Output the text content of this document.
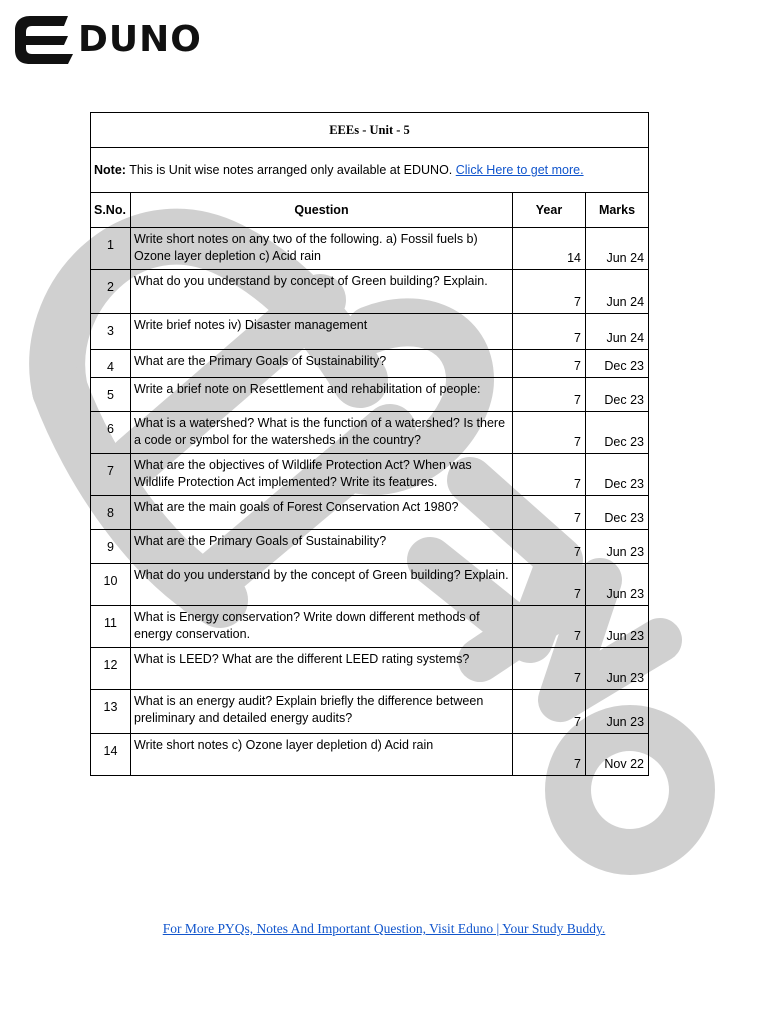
DUNO
EEEs - Unit - 5			
Note: This is Unit wise notes arranged only available at EDUNO. Click Here to get more.			
S.No.	Question	Year	Marks
1	Write short notes on any two of the following. a) Fossil fuels b) Ozone layer depletion c) Acid rain	14	Jun 24
2	What do you understand by concept of Green building? Explain.	7	Jun 24
3	Write brief notes iv) Disaster management	7	Jun 24
4	What are the Primary Goals of Sustainability?	7	Dec 23
5	Write a brief note on Resettlement and rehabilitation of people:	7	Dec 23
6	What is a watershed? What is the function of a watershed? Is there a code or symbol for the watersheds in the country?	7	Dec 23
7	What are the objectives of Wildlife Protection Act? When was Wildlife Protection Act implemented? Write its features.	7	Dec 23
8	What are the main goals of Forest Conservation Act 1980?	7	Dec 23
9	What are the Primary Goals of Sustainability?	7	Jun 23
10	What do you understand by the concept of Green building? Explain.	7	Jun 23
11	What is Energy conservation? Write down different methods of energy conservation.	7	Jun 23
12	What is LEED? What are the different LEED rating systems?	7	Jun 23
13	What is an energy audit? Explain briefly the difference between preliminary and detailed energy audits?	7	Jun 23
14	Write short notes c) Ozone layer depletion d) Acid rain	7	Nov 22
For More PYQs, Notes And Important Question, Visit Eduno | Your Study Buddy.
